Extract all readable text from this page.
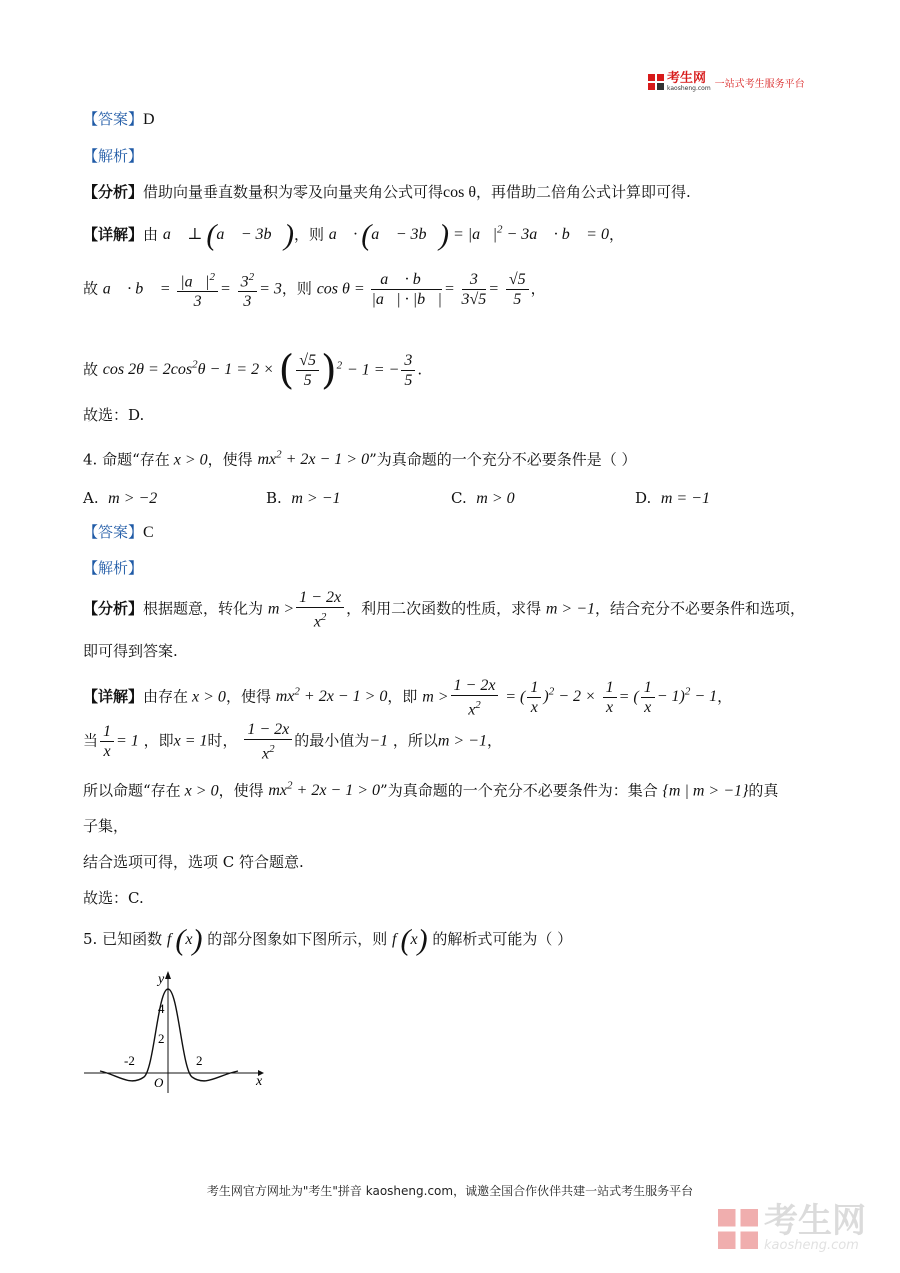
考生网
kaosheng.com 一站式考生服务平台
【答案】D
【解析】
【分析】借助向量垂直数量积为零及向量夹角公式可得cos θ，再借助二倍角公式计算即可得.
【详解】由 a⃗ ⊥ (a⃗ − 3b⃗)，则 a⃗ · (a⃗ − 3b⃗) = $|a⃗|^2$ − 3a⃗ · b⃗ = 0，
故 a⃗ · b⃗ = $\frac{|a⃗|^2}{3} = \frac{3^2}{3} = 3$，则 $\cos \theta = \frac{a⃗ \cdot b⃗}{|a⃗| \cdot |b⃗|} = \frac{3}{3√5} = \frac{√5}{5}$ ，
故 $\cos 2\theta = 2\cos^2\theta - 1 = 2$ × ( $\frac{√5}{5} )^2 - 1$ = − $\frac{3}{5}$ .
故选：D.
4. 命题“存在 x > 0，使得 $mx^2 + 2x - 1 > 0$”为真命题的一个充分不必要条件是（ ）
A. m > −2	B. m > −1	C. m > 0	D. m = −1
【答案】C
【解析】
【分析】根据题意，转化为 $m > \frac{1 - 2x}{x^2}$ ，利用二次函数的性质，求得 m > −1，结合充分不必要条件和选项，
即可得到答案.
【详解】由存在 x > 0，使得 $mx^2 + 2x - 1 > 0$，即 $m > \frac{1 - 2x}{x^2}$ = ( $\frac{1}{x} )^2 - 2 \times \frac{1}{x}$ = ( $\frac{1}{x} - 1)^2 - 1$，
当 $\frac{1}{x} = 1$ ，即x = 1时， $\frac{1 - 2x}{x^2}$ 的最小值为−1 ，所以m > −1，
所以命题“存在 x > 0，使得 $mx^2 + 2x - 1 > 0$”为真命题的一个充分不必要条件为：集合 {m | m > −1}的真
子集，
结合选项可得，选项 C 符合题意.
故选：C.
5. 已知函数 f (x) 的部分图象如下图所示，则 f (x) 的解析式可能为（ ）
y
x
O
4
2
-2	2
考生网官方网址为"考生"拼音 kaosheng.com，诚邀全国合作伙伴共建一站式考生服务平台
考生网
kaosheng.com
